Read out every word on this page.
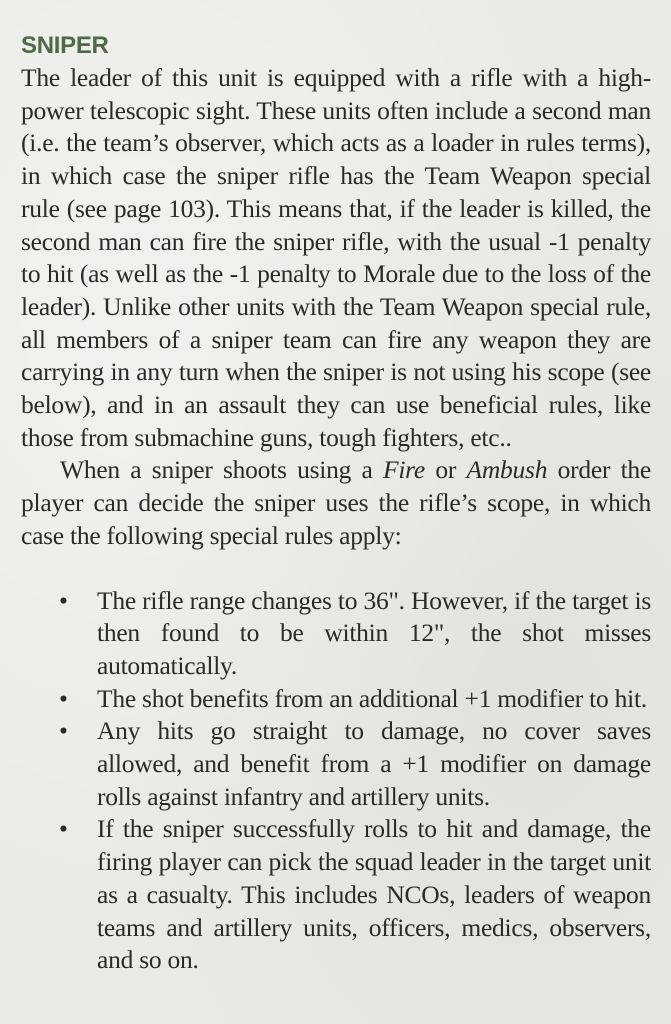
SNIPER

The leader of this unit is equipped with a rifle with a high-power telescopic sight. These units often include a second man (i.e. the team’s observer, which acts as a loader in rules terms), in which case the sniper rifle has the Team Weapon special rule (see page 103). This means that, if the leader is killed, the second man can fire the sniper rifle, with the usual -1 penalty to hit (as well as the -1 penalty to Morale due to the loss of the leader). Unlike other units with the Team Weapon special rule, all members of a sniper team can fire any weapon they are carrying in any turn when the sniper is not using his scope (see below), and in an assault they can use beneficial rules, like those from submachine guns, tough fighters, etc..

When a sniper shoots using a Fire or Ambush order the player can decide the sniper uses the rifle’s scope, in which case the following special rules apply:

• The rifle range changes to 36". However, if the target is then found to be within 12", the shot misses automatically.
• The shot benefits from an additional +1 modifier to hit.
• Any hits go straight to damage, no cover saves allowed, and benefit from a +1 modifier on damage rolls against infantry and artillery units.
• If the sniper successfully rolls to hit and damage, the firing player can pick the squad leader in the target unit as a casualty. This includes NCOs, leaders of weapon teams and artillery units, officers, medics, observers, and so on.
